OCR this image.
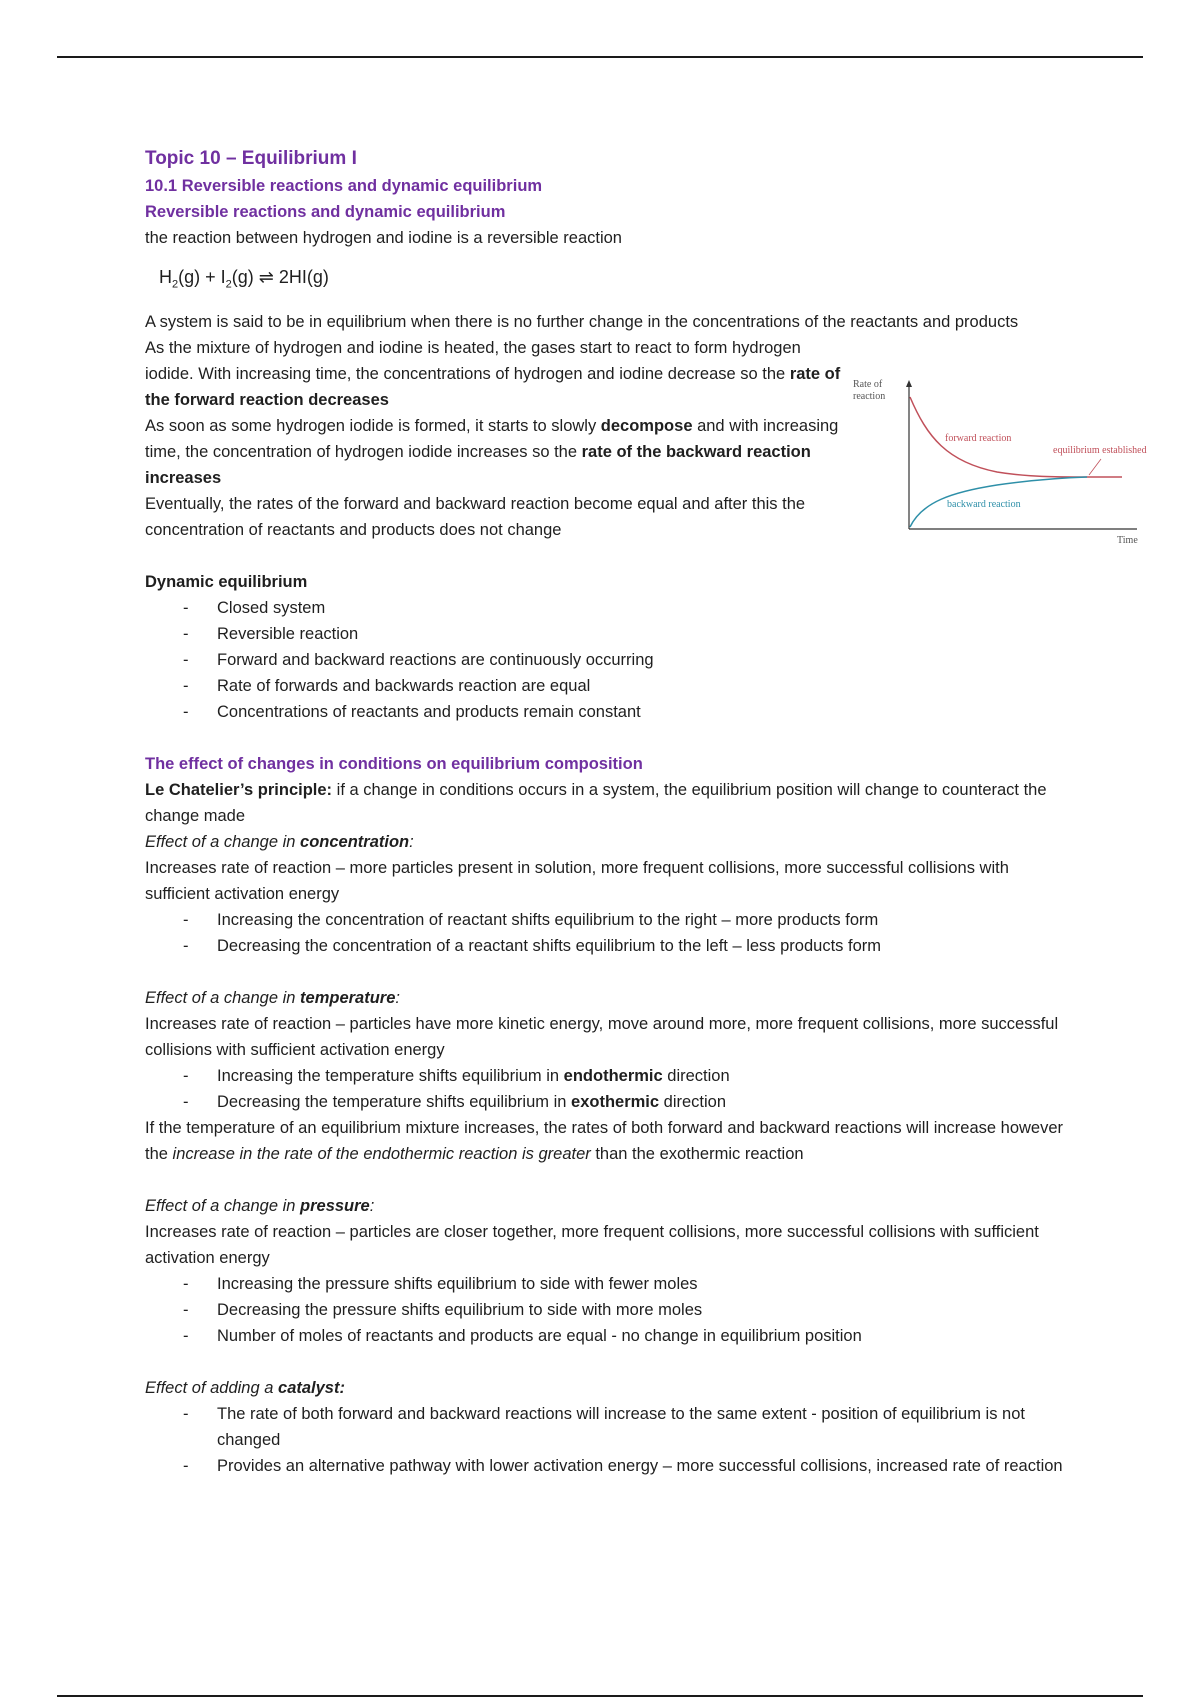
Topic 10 – Equilibrium I
10.1 Reversible reactions and dynamic equilibrium
Reversible reactions and dynamic equilibrium

the reaction between hydrogen and iodine is a reversible reaction

$H_2(g) + I_2(g)$ ⇌ 2HI(g)

A system is said to be in equilibrium when there is no further change in the concentrations of the reactants and products

As the mixture of hydrogen and iodine is heated, the gases start to react to form hydrogen iodide. With increasing time, the concentrations of hydrogen and iodine decrease so the rate of the forward reaction decreases

As soon as some hydrogen iodide is formed, it starts to slowly decompose and with increasing time, the concentration of hydrogen iodide increases so the rate of the backward reaction increases

Eventually, the rates of the forward and backward reaction become equal and after this the concentration of reactants and products does not change

Rate of
reaction
Time
forward reaction
backward reaction
equilibrium established
Dynamic equilibrium
- Closed system
- Reversible reaction
- Forward and backward reactions are continuously occurring
- Rate of forwards and backwards reaction are equal
- Concentrations of reactants and products remain constant
The effect of changes in conditions on equilibrium composition

Le Chatelier’s principle: if a change in conditions occurs in a system, the equilibrium position will change to counteract the change made

Effect of a change in concentration:

Increases rate of reaction – more particles present in solution, more frequent collisions, more successful collisions with sufficient activation energy

- Increasing the concentration of reactant shifts equilibrium to the right – more products form
- Decreasing the concentration of a reactant shifts equilibrium to the left – less products form

Effect of a change in temperature:

Increases rate of reaction – particles have more kinetic energy, move around more, more frequent collisions, more successful collisions with sufficient activation energy

- Increasing the temperature shifts equilibrium in endothermic direction
- Decreasing the temperature shifts equilibrium in exothermic direction

If the temperature of an equilibrium mixture increases, the rates of both forward and backward reactions will increase however the increase in the rate of the endothermic reaction is greater than the exothermic reaction

Effect of a change in pressure:

Increases rate of reaction – particles are closer together, more frequent collisions, more successful collisions with sufficient activation energy

- Increasing the pressure shifts equilibrium to side with fewer moles
- Decreasing the pressure shifts equilibrium to side with more moles
- Number of moles of reactants and products are equal - no change in equilibrium position

Effect of adding a catalyst:

- The rate of both forward and backward reactions will increase to the same extent - position of equilibrium is not changed
- Provides an alternative pathway with lower activation energy – more successful collisions, increased rate of reaction
